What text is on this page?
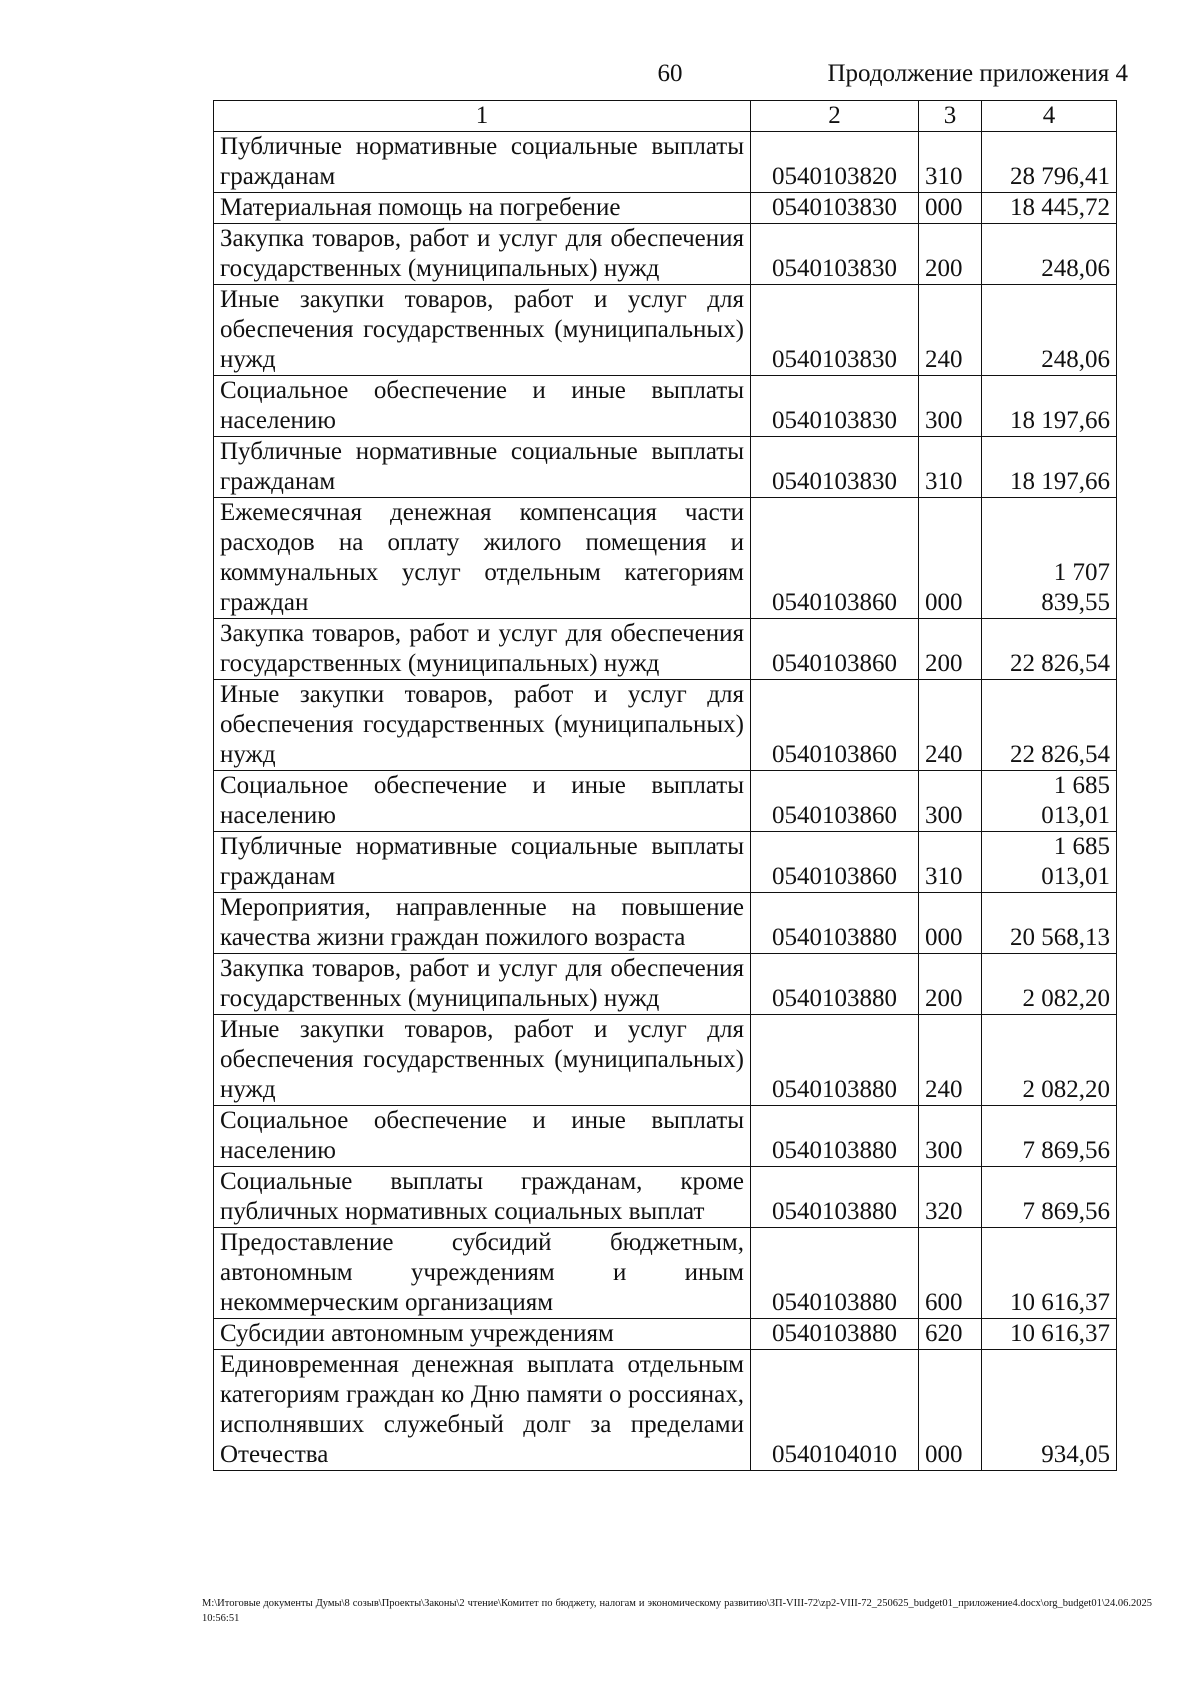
60	Продолжение приложения 4
1	2	3	4
Публичные нормативные социальные выплаты гражданам	0540103820	310	28 796,41
Материальная помощь на погребение	0540103830	000	18 445,72
Закупка товаров, работ и услуг для обеспечения государственных (муниципальных) нужд	0540103830	200	248,06
Иные закупки товаров, работ и услуг для обеспечения государственных (муниципальных) нужд	0540103830	240	248,06
Социальное обеспечение и иные выплаты населению	0540103830	300	18 197,66
Публичные нормативные социальные выплаты гражданам	0540103830	310	18 197,66
Ежемесячная денежная компенсация части расходов на оплату жилого помещения и коммунальных услуг отдельным категориям граждан	0540103860	000	1 707 839,55
Закупка товаров, работ и услуг для обеспечения государственных (муниципальных) нужд	0540103860	200	22 826,54
Иные закупки товаров, работ и услуг для обеспечения государственных (муниципальных) нужд	0540103860	240	22 826,54
Социальное обеспечение и иные выплаты населению	0540103860	300	1 685 013,01
Публичные нормативные социальные выплаты гражданам	0540103860	310	1 685 013,01
Мероприятия, направленные на повышение качества жизни граждан пожилого возраста	0540103880	000	20 568,13
Закупка товаров, работ и услуг для обеспечения государственных (муниципальных) нужд	0540103880	200	2 082,20
Иные закупки товаров, работ и услуг для обеспечения государственных (муниципальных) нужд	0540103880	240	2 082,20
Социальное обеспечение и иные выплаты населению	0540103880	300	7 869,56
Социальные выплаты гражданам, кроме публичных нормативных социальных выплат	0540103880	320	7 869,56
Предоставление субсидий бюджетным, автономным учреждениям и иным некоммерческим организациям	0540103880	600	10 616,37
Субсидии автономным учреждениям	0540103880	620	10 616,37
Единовременная денежная выплата отдельным категориям граждан ко Дню памяти о россиянах, исполнявших служебный долг за пределами Отечества	0540104010	000	934,05
M:\Итоговые документы Думы\8 созыв\Проекты\Законы\2 чтение\Комитет по бюджету, налогам и экономическому развитию\ЗП-VIII-72\zp2-VIII-72_250625_budget01_приложение4.docx\org_budget01\24.06.2025 10:56:51
